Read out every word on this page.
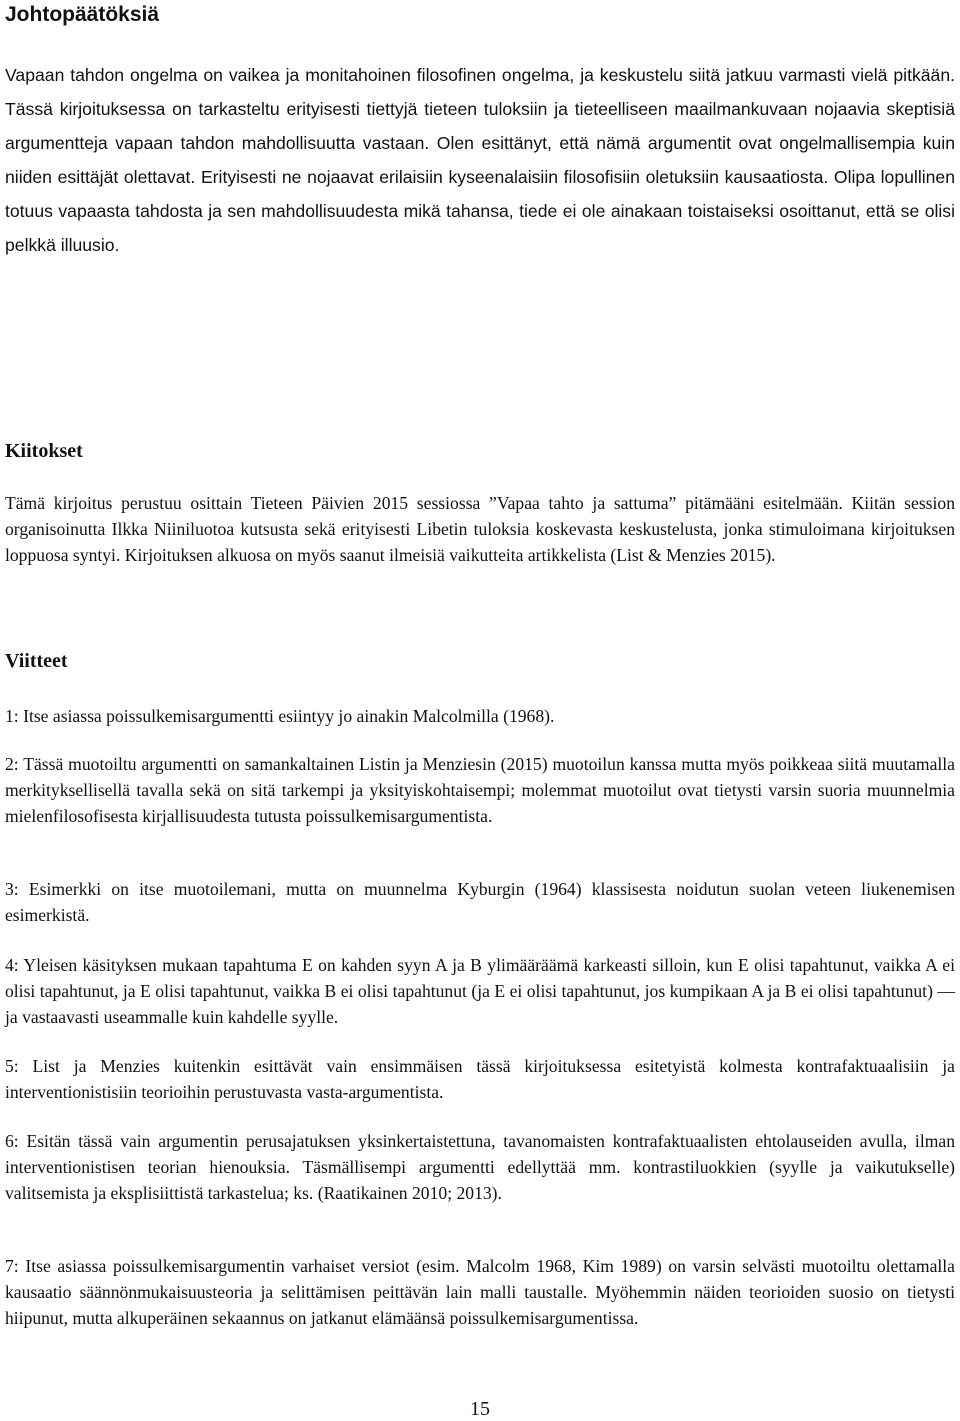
Johtopäätöksiä

Vapaan tahdon ongelma on vaikea ja monitahoinen filosofinen ongelma, ja keskustelu siitä jatkuu varmasti vielä pitkään. Tässä kirjoituksessa on tarkasteltu erityisesti tiettyjä tieteen tuloksiin ja tieteelliseen maailmankuvaan nojaavia skeptisiä argumentteja vapaan tahdon mahdollisuutta vastaan. Olen esittänyt, että nämä argumentit ovat ongelmallisempia kuin niiden esittäjät olettavat. Erityisesti ne nojaavat erilaisiin kyseenalaisiin filosofisiin oletuksiin kausaatiosta. Olipa lopullinen totuus vapaasta tahdosta ja sen mahdollisuudesta mikä tahansa, tiede ei ole ainakaan toistaiseksi osoittanut, että se olisi pelkkä illuusio.

Kiitokset

Tämä kirjoitus perustuu osittain Tieteen Päivien 2015 sessiossa ”Vapaa tahto ja sattuma” pitämääni esitelmään. Kiitän session organisoinutta Ilkka Niiniluotoa kutsusta sekä erityisesti Libetin tuloksia koskevasta keskustelusta, jonka stimuloimana kirjoituksen loppuosa syntyi. Kirjoituksen alkuosa on myös saanut ilmeisiä vaikutteita artikkelista (List & Menzies 2015).

Viitteet

1: Itse asiassa poissulkemisargumentti esiintyy jo ainakin Malcolmilla (1968).

2: Tässä muotoiltu argumentti on samankaltainen Listin ja Menziesin (2015) muotoilun kanssa mutta myös poikkeaa siitä muutamalla merkityksellisellä tavalla sekä on sitä tarkempi ja yksityiskohtaisempi; molemmat muotoilut ovat tietysti varsin suoria muunnelmia mielenfilosofisesta kirjallisuudesta tutusta poissulkemisargumentista.

3: Esimerkki on itse muotoilemani, mutta on muunnelma Kyburgin (1964) klassisesta noidutun suolan veteen liukenemisen esimerkistä.

4: Yleisen käsityksen mukaan tapahtuma E on kahden syyn A ja B ylimääräämä karkeasti silloin, kun E olisi tapahtunut, vaikka A ei olisi tapahtunut, ja E olisi tapahtunut, vaikka B ei olisi tapahtunut (ja E ei olisi tapahtunut, jos kumpikaan A ja B ei olisi tapahtunut) — ja vastaavasti useammalle kuin kahdelle syylle.

5: List ja Menzies kuitenkin esittävät vain ensimmäisen tässä kirjoituksessa esitetyistä kolmesta kontrafaktuaalisiin ja interventionistisiin teorioihin perustuvasta vasta-argumentista.

6: Esitän tässä vain argumentin perusajatuksen yksinkertaistettuna, tavanomaisten kontrafaktuaalisten ehtolauseiden avulla, ilman interventionistisen teorian hienouksia. Täsmällisempi argumentti edellyttää mm. kontrastiluokkien (syylle ja vaikutukselle) valitsemista ja eksplisiittistä tarkastelua; ks. (Raatikainen 2010; 2013).

7: Itse asiassa poissulkemisargumentin varhaiset versiot (esim. Malcolm 1968, Kim 1989) on varsin selvästi muotoiltu olettamalla kausaatio säännönmukaisuusteoria ja selittämisen peittävän lain malli taustalle. Myöhemmin näiden teorioiden suosio on tietysti hiipunut, mutta alkuperäinen sekaannus on jatkanut elämäänsä poissulkemisargumentissa.

15
